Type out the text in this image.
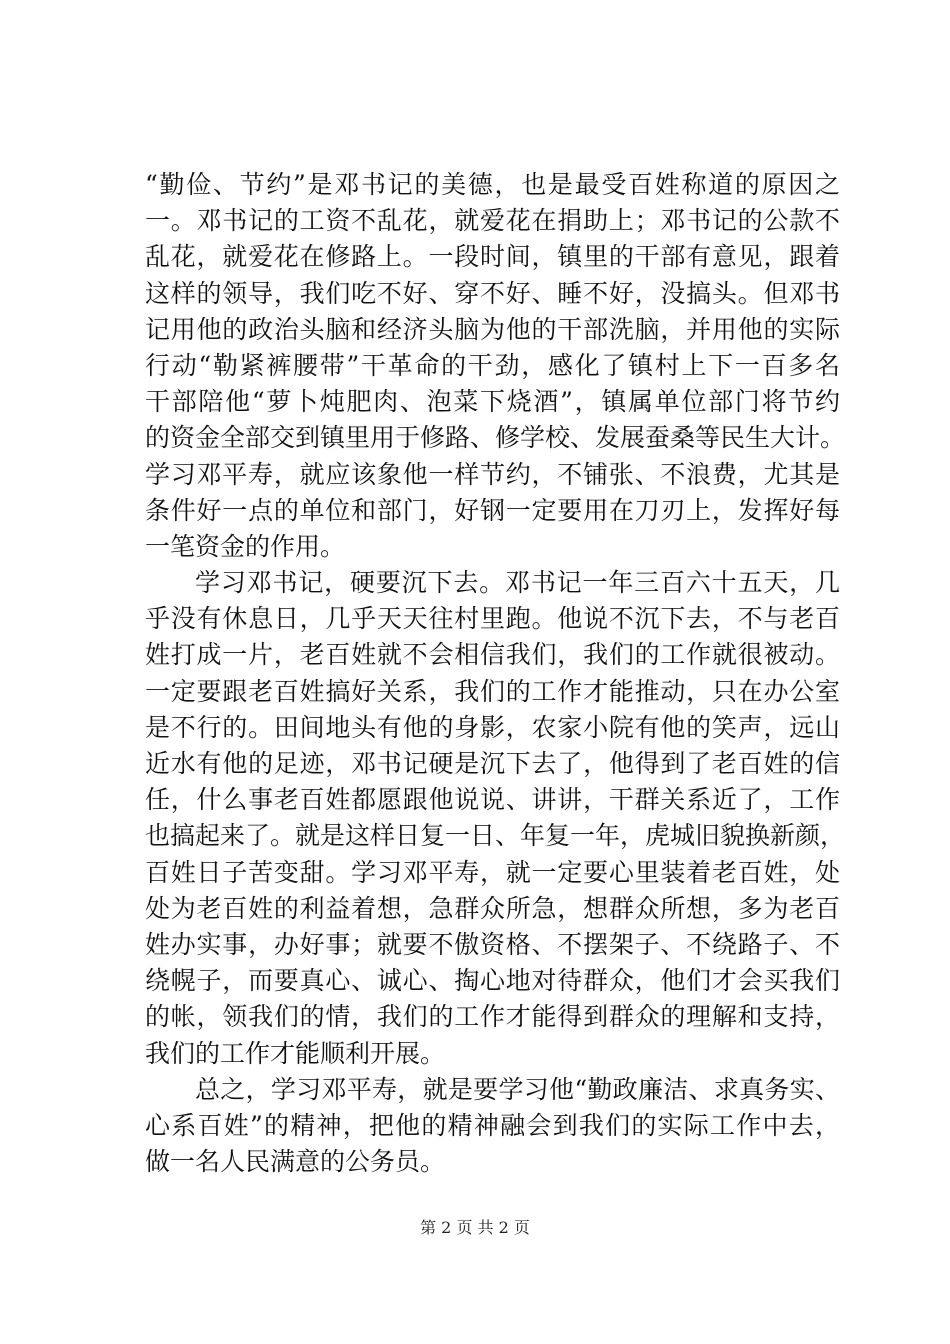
“勤俭、节约”是邓书记的美德，也是最受百姓称道的原因之
一。邓书记的工资不乱花，就爱花在捐助上；邓书记的公款不
乱花，就爱花在修路上。一段时间，镇里的干部有意见，跟着
这样的领导，我们吃不好、穿不好、睡不好，没搞头。但邓书
记用他的政治头脑和经济头脑为他的干部洗脑，并用他的实际
行动“勒紧裤腰带”干革命的干劲，感化了镇村上下一百多名
干部陪他“萝卜炖肥肉、泡菜下烧酒”，镇属单位部门将节约
的资金全部交到镇里用于修路、修学校、发展蚕桑等民生大计。
学习邓平寿，就应该象他一样节约，不铺张、不浪费，尤其是
条件好一点的单位和部门，好钢一定要用在刀刃上，发挥好每
一笔资金的作用。
学习邓书记，硬要沉下去。邓书记一年三百六十五天，几
乎没有休息日，几乎天天往村里跑。他说不沉下去，不与老百
姓打成一片，老百姓就不会相信我们，我们的工作就很被动。
一定要跟老百姓搞好关系，我们的工作才能推动，只在办公室
是不行的。田间地头有他的身影，农家小院有他的笑声，远山
近水有他的足迹，邓书记硬是沉下去了，他得到了老百姓的信
任，什么事老百姓都愿跟他说说、讲讲，干群关系近了，工作
也搞起来了。就是这样日复一日、年复一年，虎城旧貌换新颜，
百姓日子苦变甜。学习邓平寿，就一定要心里装着老百姓，处
处为老百姓的利益着想，急群众所急，想群众所想，多为老百
姓办实事，办好事；就要不傲资格、不摆架子、不绕路子、不
绕幌子，而要真心、诚心、掏心地对待群众，他们才会买我们
的帐，领我们的情，我们的工作才能得到群众的理解和支持，
我们的工作才能顺利开展。
总之，学习邓平寿，就是要学习他“勤政廉洁、求真务实、
心系百姓”的精神，把他的精神融会到我们的实际工作中去，
做一名人民满意的公务员。
第 2 页 共 2 页
